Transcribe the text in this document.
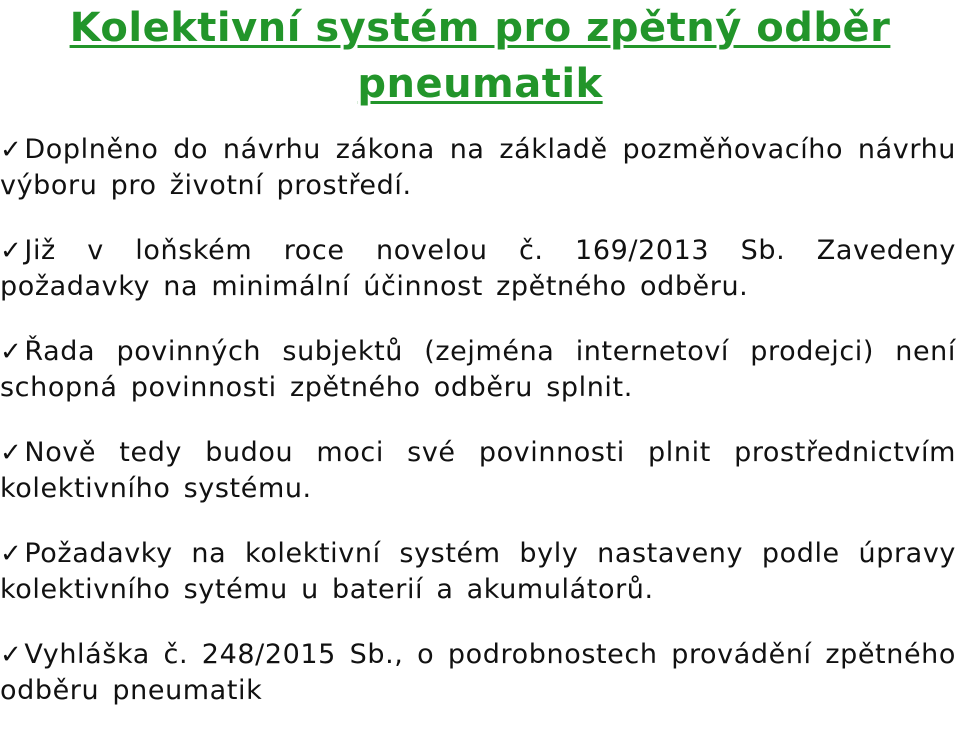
Kolektivní systém pro zpětný odběr pneumatik
✓Doplněno do návrhu zákona na základě pozměňovacího návrhu výboru pro životní prostředí.
✓Již v loňském roce novelou č. 169/2013 Sb. Zavedeny požadavky na minimální účinnost zpětného odběru.
✓Řada povinných subjektů (zejména internetoví prodejci) není schopná povinnosti zpětného odběru splnit.
✓Nově tedy budou moci své povinnosti plnit prostřednictvím kolektivního systému.
✓Požadavky na kolektivní systém byly nastaveny podle úpravy kolektivního sytému u baterií a akumulátorů.
✓Vyhláška č. 248/2015 Sb., o podrobnostech provádění zpětného odběru pneumatik
